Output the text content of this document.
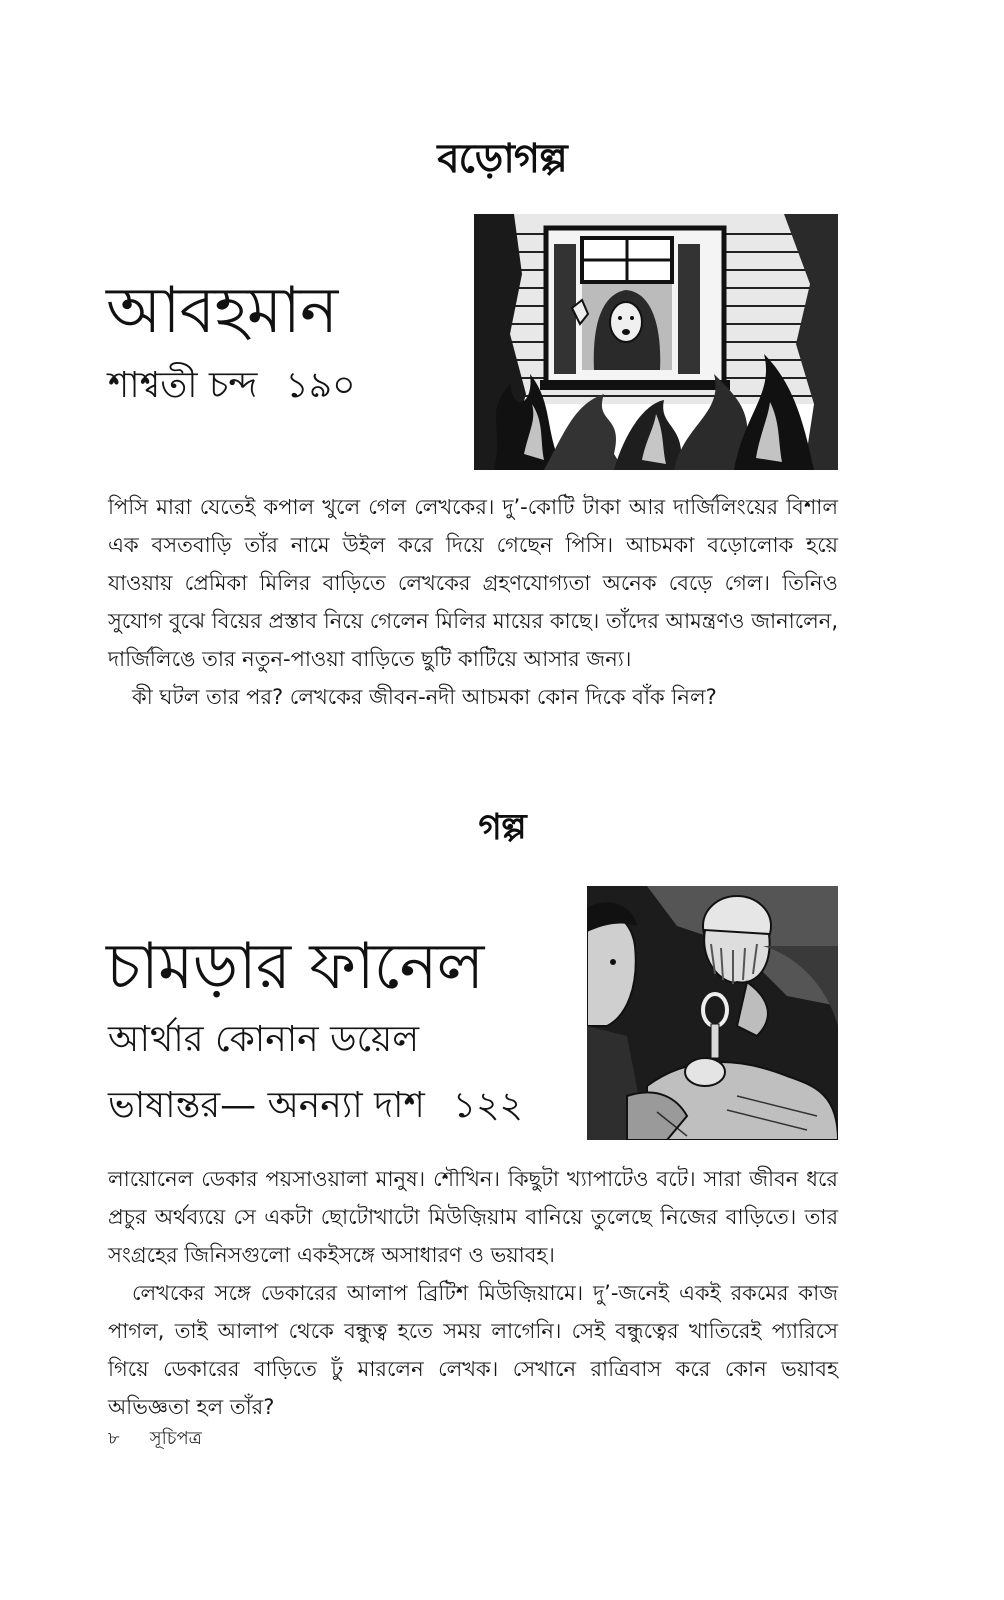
বড়োগল্প
আবহমান
শাশ্বতী চন্দ ১৯০

পিসি মারা যেতেই কপাল খুলে গেল লেখকের। দু’-কোটি টাকা আর দার্জিলিংয়ের বিশাল এক বসতবাড়ি তাঁর নামে উইল করে দিয়ে গেছেন পিসি। আচমকা বড়োলোক হয়ে যাওয়ায় প্রেমিকা মিলির বাড়িতে লেখকের গ্রহণযোগ্যতা অনেক বেড়ে গেল। তিনিও সুযোগ বুঝে বিয়ের প্রস্তাব নিয়ে গেলেন মিলির মায়ের কাছে। তাঁদের আমন্ত্রণও জানালেন, দার্জিলিঙে তার নতুন-পাওয়া বাড়িতে ছুটি কাটিয়ে আসার জন্য।

কী ঘটল তার পর? লেখকের জীবন-নদী আচমকা কোন দিকে বাঁক নিল?

গল্প
চামড়ার ফানেল
আর্থার কোনান ডয়েল
ভাষান্তর— অনন্যা দাশ ১২২

লায়োনেল ডেকার পয়সাওয়ালা মানুষ। শৌখিন। কিছুটা খ্যাপাটেও বটে। সারা জীবন ধরে প্রচুর অর্থব্যয়ে সে একটা ছোটোখাটো মিউজ়িয়াম বানিয়ে তুলেছে নিজের বাড়িতে। তার সংগ্রহের জিনিসগুলো একইসঙ্গে অসাধারণ ও ভয়াবহ।

লেখকের সঙ্গে ডেকারের আলাপ ব্রিটিশ মিউজ়িয়ামে। দু’-জনেই একই রকমের কাজ পাগল, তাই আলাপ থেকে বন্ধুত্ব হতে সময় লাগেনি। সেই বন্ধুত্বের খাতিরেই প্যারিসে গিয়ে ডেকারের বাড়িতে ঢুঁ মারলেন লেখক। সেখানে রাত্রিবাস করে কোন ভয়াবহ অভিজ্ঞতা হল তাঁর?

৮ সূচিপত্র
